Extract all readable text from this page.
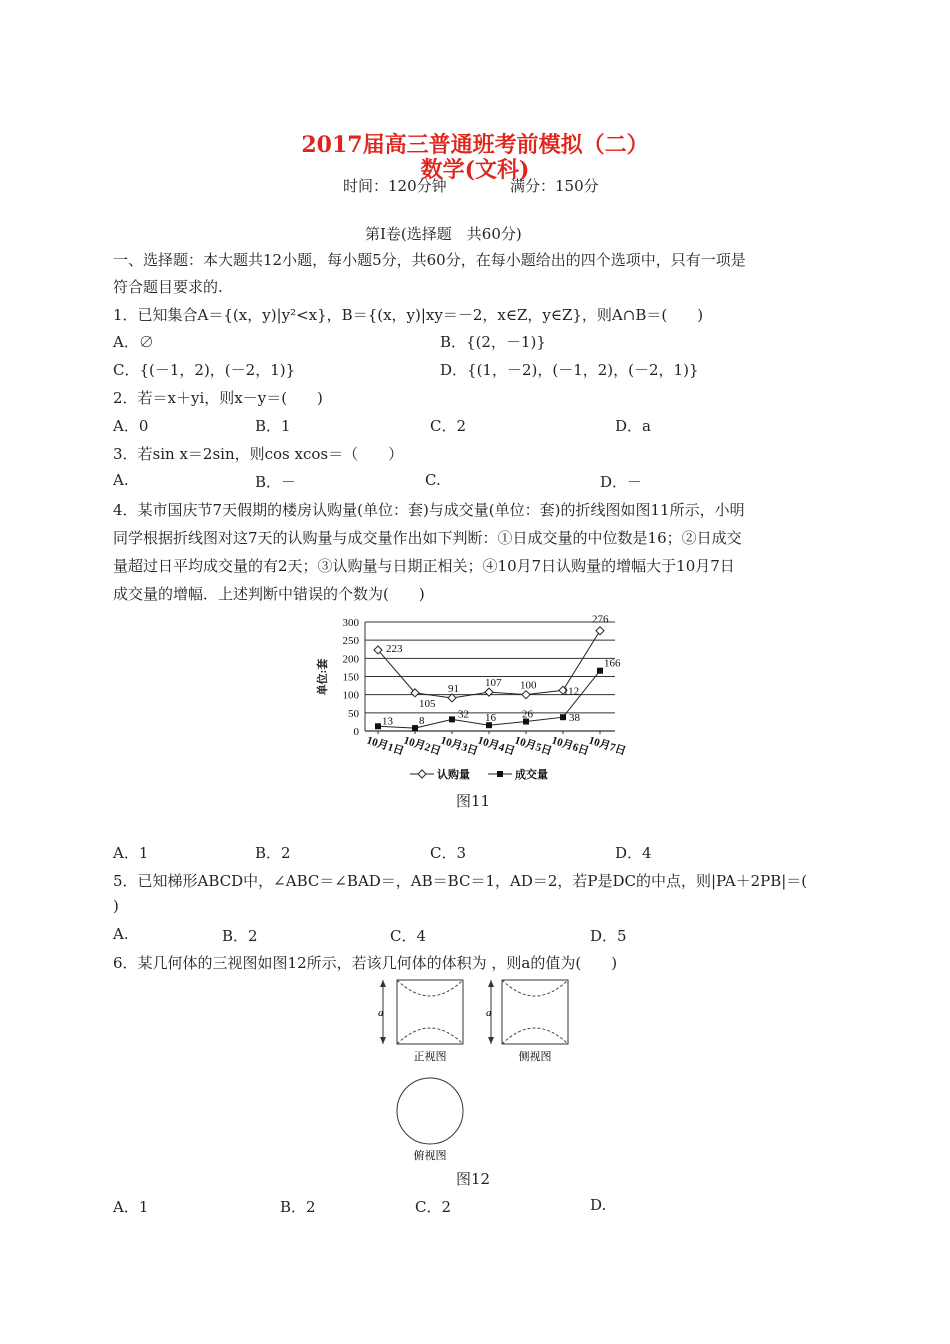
2017届高三普通班考前模拟（二）
数学(文科)
时间：120分钟	满分：150分
第Ⅰ卷(选择题　共60分)
一、选择题：本大题共12小题，每小题5分，共60分，在每小题给出的四个选项中，只有一项是
符合题目要求的.
1．已知集合A＝{(x，y)|y²<x}，B＝{(x，y)|xy＝－2，x∈Z，y∈Z}，则A∩B＝(　　)
A．∅	B．{(2，－1)}
C．{(－1，2)，(－2，1)}	D．{(1，－2)，(－1，2)，(－2，1)}
2．若＝x＋yi，则x－y＝(　　)
A．0	B．1	C．2	D．a
3．若sin x＝2sin，则cos xcos＝（　　）
A.	B．－	C.	D．－
4．某市国庆节7天假期的楼房认购量(单位：套)与成交量(单位：套)的折线图如图11所示，小明
同学根据折线图对这7天的认购量与成交量作出如下判断：①日成交量的中位数是16；②日成交
量超过日平均成交量的有2天；③认购量与日期正相关；④10月7日认购量的增幅大于10月7日
成交量的增幅．上述判断中错误的个数为(　　)
0
50
100
150
200
250
300
10月1日
10月2日
10月3日
10月4日
10月5日
10月6日
10月7日
单位:套
223
105
91 107 100 112
276
13 8
32 16 26	38
166
认购量	成交量
图11
A．1	B．2	C．3	D．4
5．已知梯形ABCD中，∠ABC＝∠BAD＝，AB＝BC＝1，AD＝2，若P是DC的中点，则|PA＋2PB|＝(
)
A.	B．2	C．4	D．5
6．某几何体的三视图如图12所示，若该几何体的体积为 ，则a的值为(　　)
a
正视图
a
侧视图
俯视图
图12
A．1	B．2	C．2	D.
